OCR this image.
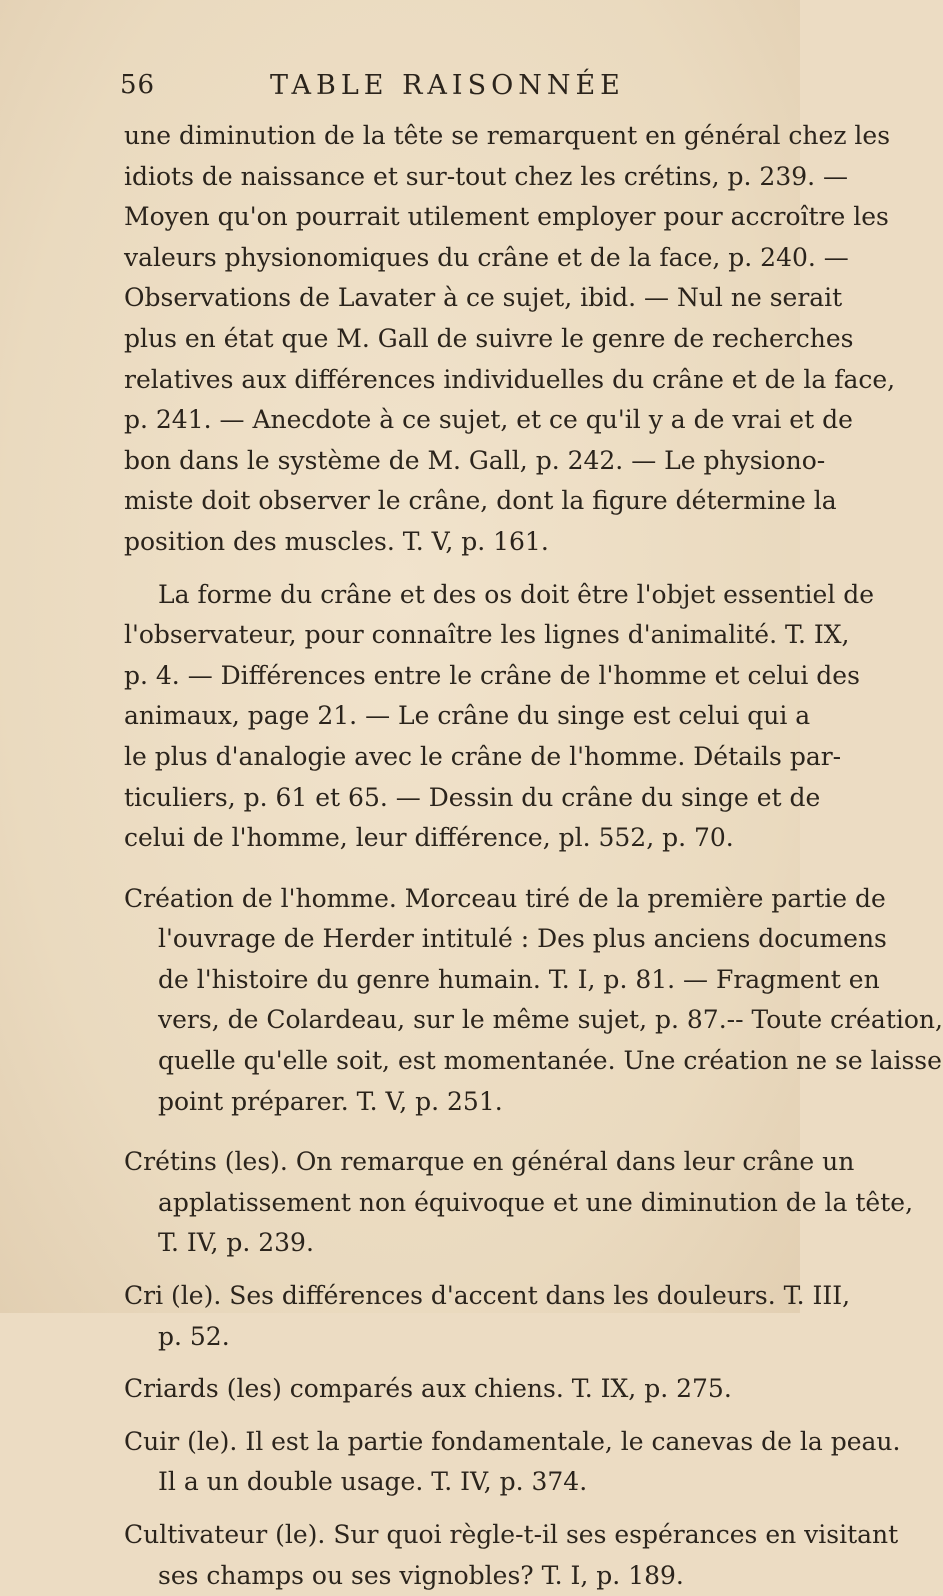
56	TABLE RAISONNÉE
une diminution de la tête se remarquent en général chez les
idiots de naissance et sur-tout chez les crétins, p. 239. —
Moyen qu'on pourrait utilement employer pour accroître les
valeurs physionomiques du crâne et de la face, p. 240. —
Observations de Lavater à ce sujet, ibid. — Nul ne serait
plus en état que M. Gall de suivre le genre de recherches
relatives aux différences individuelles du crâne et de la face,
p. 241. — Anecdote à ce sujet, et ce qu'il y a de vrai et de
bon dans le système de M. Gall, p. 242. — Le physiono-
miste doit observer le crâne, dont la figure détermine la
position des muscles. T. V, p. 161.
La forme du crâne et des os doit être l'objet essentiel de
l'observateur, pour connaître les lignes d'animalité. T. IX,
p. 4. — Différences entre le crâne de l'homme et celui des
animaux, page 21. — Le crâne du singe est celui qui a
le plus d'analogie avec le crâne de l'homme. Détails par-
ticuliers, p. 61 et 65. — Dessin du crâne du singe et de
celui de l'homme, leur différence, pl. 552, p. 70.
Création de l'homme. Morceau tiré de la première partie de
l'ouvrage de Herder intitulé : Des plus anciens documens
de l'histoire du genre humain. T. I, p. 81. — Fragment en
vers, de Colardeau, sur le même sujet, p. 87.-- Toute création,
quelle qu'elle soit, est momentanée. Une création ne se laisse
point préparer. T. V, p. 251.
Crétins (les). On remarque en général dans leur crâne un
applatissement non équivoque et une diminution de la tête,
T. IV, p. 239.
Cri (le). Ses différences d'accent dans les douleurs. T. III,
p. 52.
Criards (les) comparés aux chiens. T. IX, p. 275.
Cuir (le). Il est la partie fondamentale, le canevas de la peau.
Il a un double usage. T. IV, p. 374.
Cultivateur (le). Sur quoi règle-t-il ses espérances en visitant
ses champs ou ses vignobles? T. I, p. 189.
